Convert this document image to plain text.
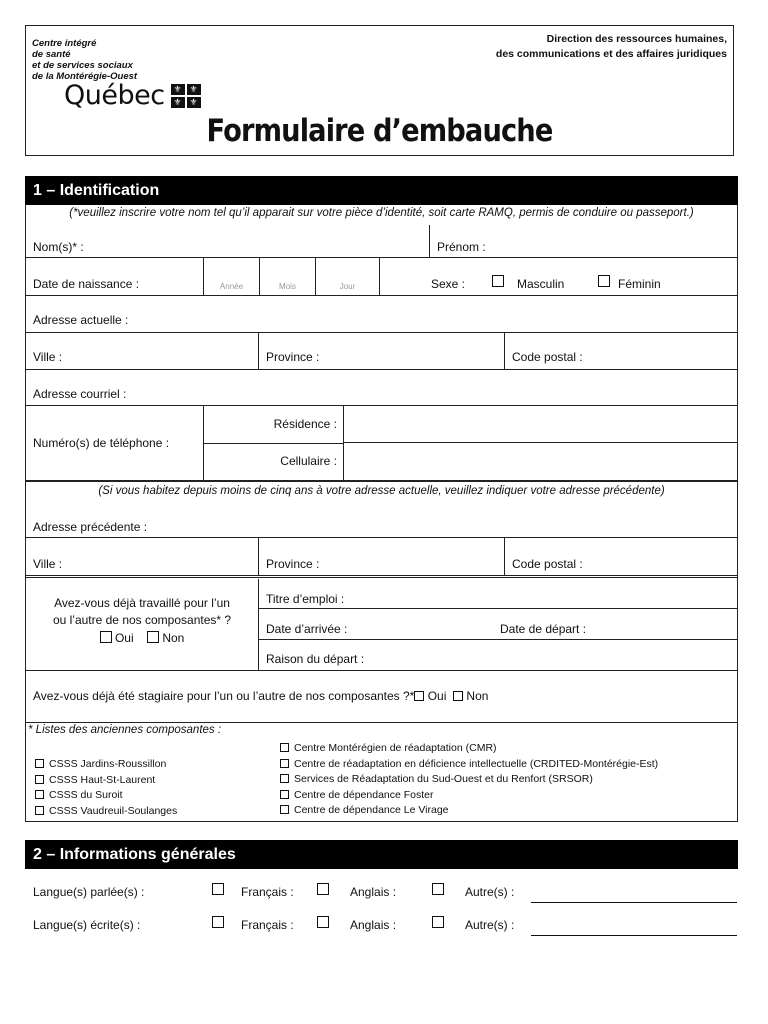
Centre intégré
de santé
et de services sociaux
de la Montérégie-Ouest
Québec ⚜ ⚜
⚜ ⚜
Direction des ressources humaines,
des communications et des affaires juridiques
Formulaire d’embauche
1 – Identification
(*veuillez inscrire votre nom tel qu’il apparait sur votre pièce d’identité, soit carte RAMQ, permis de conduire ou passeport.)
Nom(s)* :	Prénom :
Date de naissance :	Année	Mois	Jour	Sexe :	Masculin	Féminin
Adresse actuelle :
Ville :	Province :	Code postal :
Adresse courriel :
Numéro(s) de téléphone :
Résidence :
Cellulaire :
(Si vous habitez depuis moins de cinq ans à votre adresse actuelle, veuillez indiquer votre adresse précédente)
Adresse précédente :
Ville :	Province :	Code postal :
Avez-vous déjà travaillé pour l’un
ou l’autre de nos composantes* ?
Oui Non
Titre d’emploi :
Date d’arrivée :	Date de départ :
Raison du départ :
Avez-vous déjà été stagiaire pour l’un ou l’autre de nos composantes ?* Oui Non
* Listes des anciennes composantes :
CSSS Jardins-Roussillon
CSSS Haut-St-Laurent
CSSS du Suroit
CSSS Vaudreuil-Soulanges
Centre Montérégien de réadaptation (CMR)
Centre de réadaptation en déficience intellectuelle (CRDITED-Montérégie-Est)
Services de Réadaptation du Sud-Ouest et du Renfort (SRSOR)
Centre de dépendance Foster
Centre de dépendance Le Virage
2 – Informations générales
Langue(s) parlée(s) :	Français :	Anglais :	Autre(s) :
Langue(s) écrite(s) :	Français :	Anglais :	Autre(s) :
